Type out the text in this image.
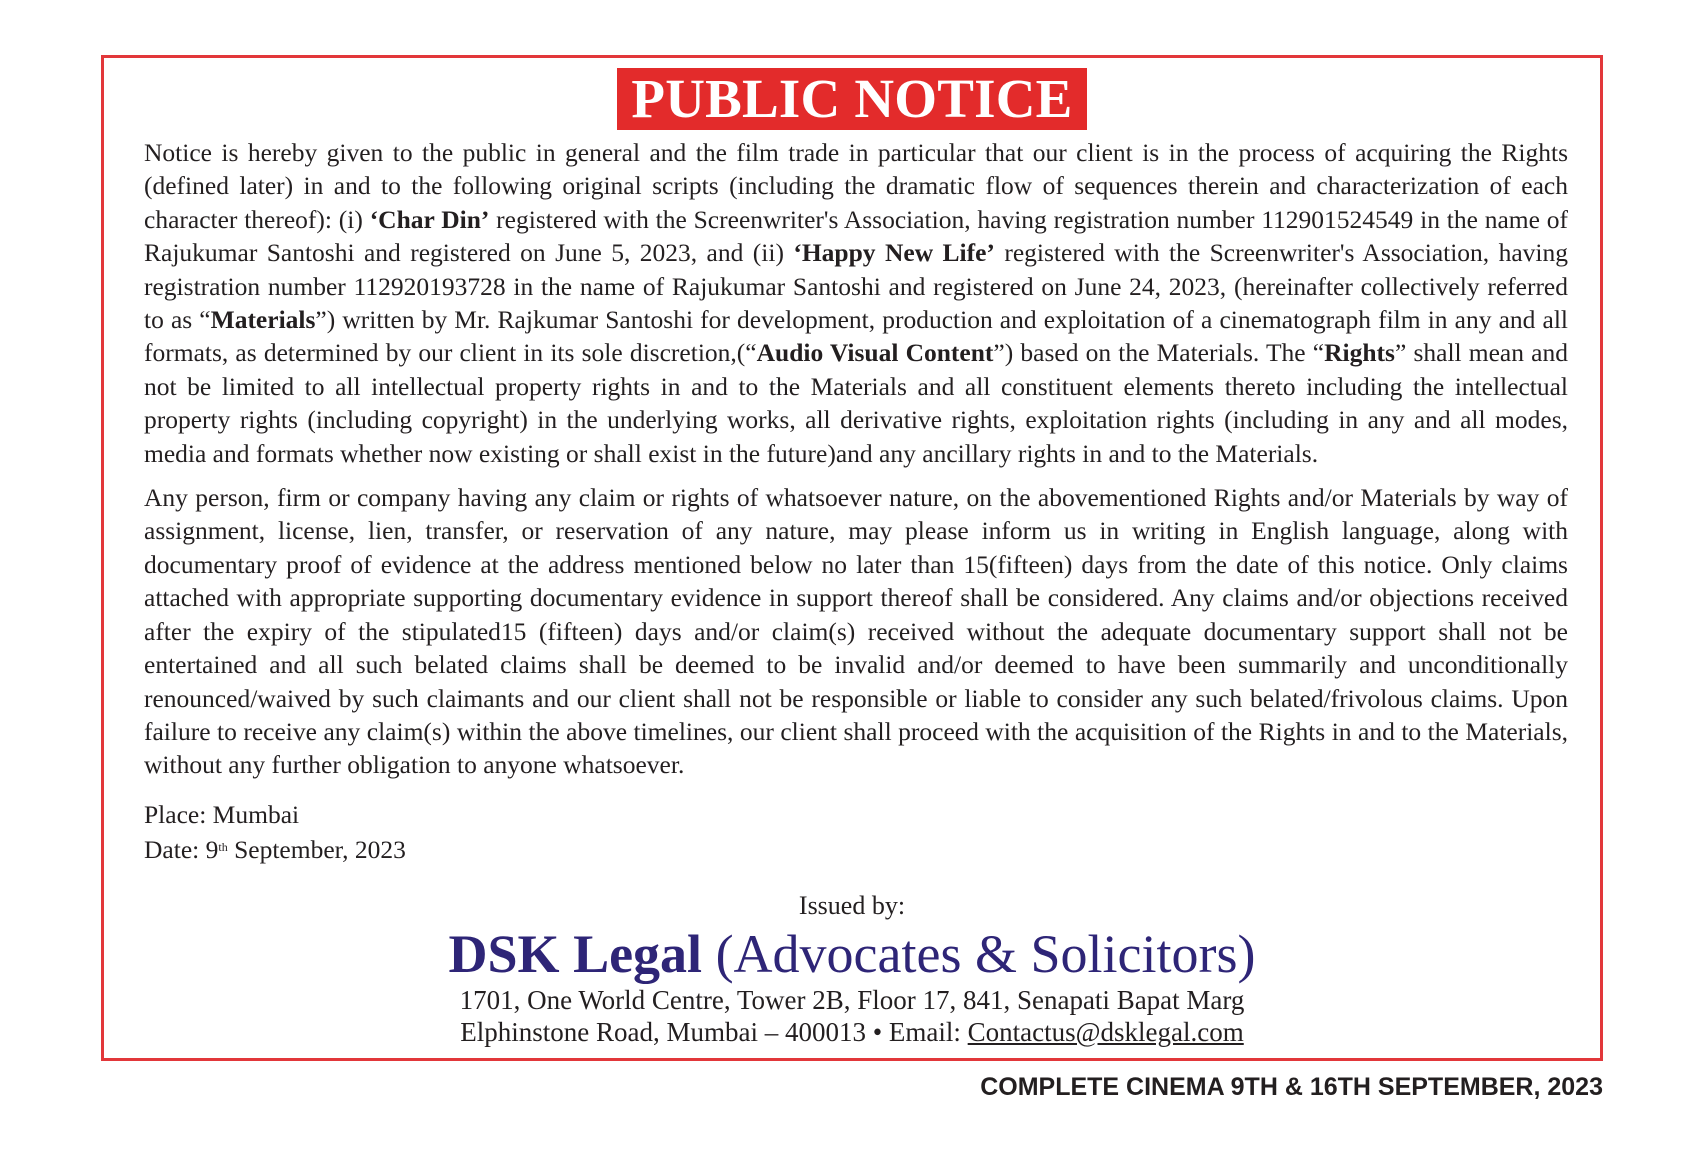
PUBLIC NOTICE

Notice is hereby given to the public in general and the film trade in particular that our client is in the process of acquiring the Rights (defined later) in and to the following original scripts (including the dramatic flow of sequences therein and characterization of each character thereof): (i) ‘Char Din’ registered with the Screenwriter's Association, having registration number 112901524549 in the name of Rajukumar Santoshi and registered on June 5, 2023, and (ii) ‘Happy New Life’ registered with the Screenwriter's Association, having registration number 112920193728 in the name of Rajukumar Santoshi and registered on June 24, 2023, (hereinafter collectively referred to as “Materials”) written by Mr. Rajkumar Santoshi for development, production and exploitation of a cinematograph film in any and all formats, as determined by our client in its sole discretion,(“Audio Visual Content”) based on the Materials. The “Rights” shall mean and not be limited to all intellectual property rights in and to the Materials and all constituent elements thereto including the intellectual property rights (including copyright) in the underlying works, all derivative rights, exploitation rights (including in any and all modes, media and formats whether now existing or shall exist in the future)and any ancillary rights in and to the Materials.

Any person, firm or company having any claim or rights of whatsoever nature, on the abovementioned Rights and/or Materials by way of assignment, license, lien, transfer, or reservation of any nature, may please inform us in writing in English language, along with documentary proof of evidence at the address mentioned below no later than 15(fifteen) days from the date of this notice. Only claims attached with appropriate supporting documentary evidence in support thereof shall be considered. Any claims and/or objections received after the expiry of the stipulated15 (fifteen) days and/or claim(s) received without the adequate documentary support shall not be entertained and all such belated claims shall be deemed to be invalid and/or deemed to have been summarily and unconditionally renounced/waived by such claimants and our client shall not be responsible or liable to consider any such belated/frivolous claims. Upon failure to receive any claim(s) within the above timelines, our client shall proceed with the acquisition of the Rights in and to the Materials, without any further obligation to anyone whatsoever.

Place: Mumbai
Date: 9th September, 2023
Issued by:
DSK Legal (Advocates & Solicitors)
1701, One World Centre, Tower 2B, Floor 17, 841, Senapati Bapat Marg
Elphinstone Road, Mumbai – 400013 • Email: Contactus@dsklegal.com
COMPLETE CINEMA 9TH & 16TH SEPTEMBER, 2023
